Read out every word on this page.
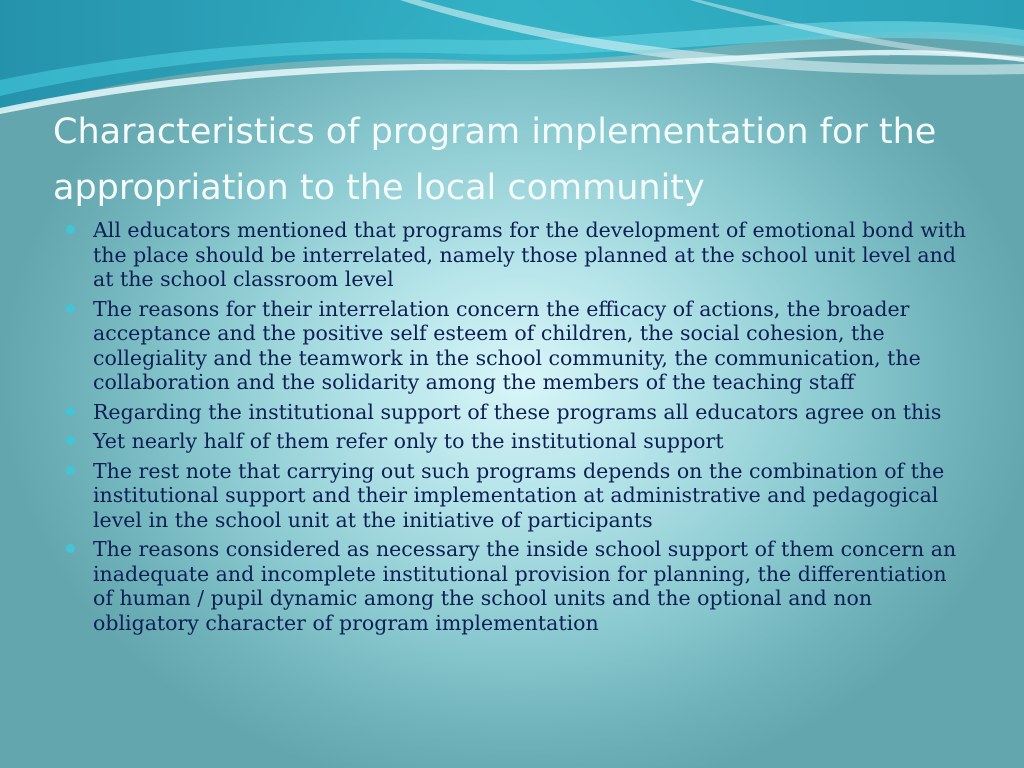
Characteristics of program implementation for the appropriation to the local community
All educators mentioned that programs for the development of emotional bond with the place should be interrelated, namely those planned at the school unit level and at the school classroom level
The reasons for their interrelation concern the efficacy of actions, the broader acceptance and the positive self esteem of children, the social cohesion, the collegiality and the teamwork in the school community, the communication, the collaboration and the solidarity among the members of the teaching staff
Regarding the institutional support of these programs all educators agree on this
Yet nearly half of them refer only to the institutional support
The rest note that carrying out such programs depends on the combination of the institutional support and their implementation at administrative and pedagogical level in the school unit at the initiative of participants
The reasons considered as necessary the inside school support of them concern an inadequate and incomplete institutional provision for planning, the differentiation of human / pupil dynamic among the school units and the optional and non obligatory character of program implementation
